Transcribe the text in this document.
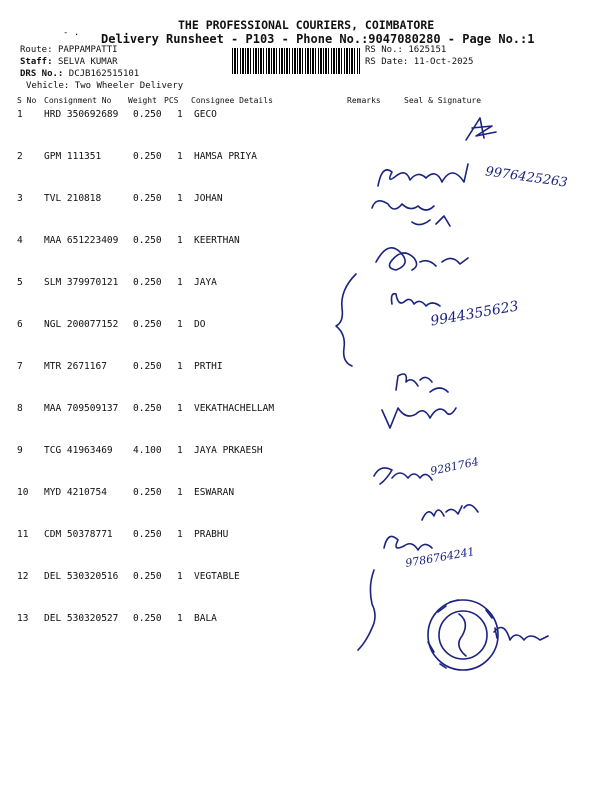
THE PROFESSIONAL COURIERS, COIMBATORE
- . Delivery Runsheet - P103 - Phone No.:9047080280 - Page No.:1
Route: PAPPAMPATTI
Staff: SELVA KUMAR
DRS No.: DCJB162515101
Vehicle: Two Wheeler Delivery
RS No.: 1625151
RS Date: 11-Oct-2025
S No Consignment No Weight PCS Consignee Details	Remarks	Seal & Signature
1 HRD 350692689 0.250 1 GECO
2 GPM 111351	0.250 1 HAMSA PRIYA
3 TVL 210818	0.250 1 JOHAN
4 MAA 651223409 0.250 1 KEERTHAN
5 SLM 379970121 0.250 1 JAYA
6 NGL 200077152 0.250 1 DO
7 MTR 2671167	0.250 1 PRTHI
8 MAA 709509137 0.250 1 VEKATHACHELLAM
9 TCG 41963469 4.100 1 JAYA PRKAESH
10 MYD 4210754	0.250 1 ESWARAN
11 CDM 50378771 0.250 1 PRABHU
12 DEL 530320516 0.250 1 VEGTABLE
13 DEL 530320527 0.250 1 BALA
9976425263
9944355623
9281764
9786764241
